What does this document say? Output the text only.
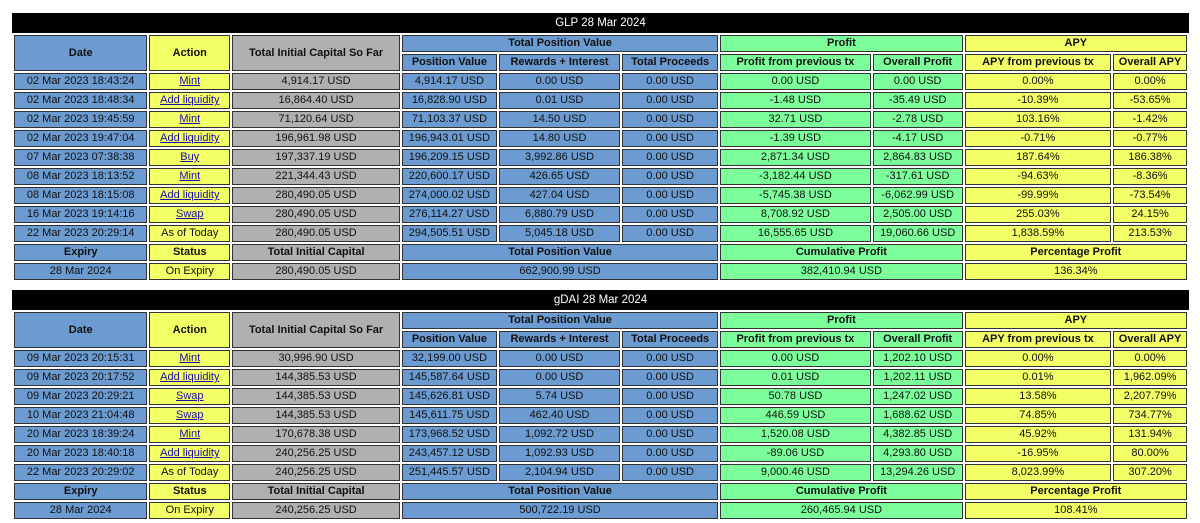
GLP 28 Mar 2024
Date	Action	Total Initial Capital So Far	Total Position Value			Profit		APY	
			Position Value	Rewards + Interest	Total Proceeds	Profit from previous tx	Overall Profit	APY from previous tx	Overall APY
02 Mar 2023 18:43:24	Mint	4,914.17 USD	4,914.17 USD	0.00 USD	0.00 USD	0.00 USD	0.00 USD	0.00%	0.00%
02 Mar 2023 18:48:34	Add liquidity	16,864.40 USD	16,828.90 USD	0.01 USD	0.00 USD	-1.48 USD	-35.49 USD	-10.39%	-53.65%
02 Mar 2023 19:45:59	Mint	71,120.64 USD	71,103.37 USD	14.50 USD	0.00 USD	32.71 USD	-2.78 USD	103.16%	-1.42%
02 Mar 2023 19:47:04	Add liquidity	196,961.98 USD	196,943.01 USD	14.80 USD	0.00 USD	-1.39 USD	-4.17 USD	-0.71%	-0.77%
07 Mar 2023 07:38:38	Buy	197,337.19 USD	196,209.15 USD	3,992.86 USD	0.00 USD	2,871.34 USD	2,864.83 USD	187.64%	186.38%
08 Mar 2023 18:13:52	Mint	221,344.43 USD	220,600.17 USD	426.65 USD	0.00 USD	-3,182.44 USD	-317.61 USD	-94.63%	-8.36%
08 Mar 2023 18:15:08	Add liquidity	280,490.05 USD	274,000.02 USD	427.04 USD	0.00 USD	-5,745.38 USD	-6,062.99 USD	-99.99%	-73.54%
16 Mar 2023 19:14:16	Swap	280,490.05 USD	276,114.27 USD	6,880.79 USD	0.00 USD	8,708.92 USD	2,505.00 USD	255.03%	24.15%
22 Mar 2023 20:29:14	As of Today	280,490.05 USD	294,505.51 USD	5,045.18 USD	0.00 USD	16,555.65 USD	19,060.66 USD	1,838.59%	213.53%
Expiry	Status	Total Initial Capital	Total Position Value			Cumulative Profit		Percentage Profit	
28 Mar 2024	On Expiry	280,490.05 USD	662,900.99 USD			382,410.94 USD		136.34%	
gDAI 28 Mar 2024
Date	Action	Total Initial Capital So Far	Total Position Value			Profit		APY	
			Position Value	Rewards + Interest	Total Proceeds	Profit from previous tx	Overall Profit	APY from previous tx	Overall APY
09 Mar 2023 20:15:31	Mint	30,996.90 USD	32,199.00 USD	0.00 USD	0.00 USD	0.00 USD	1,202.10 USD	0.00%	0.00%
09 Mar 2023 20:17:52	Add liquidity	144,385.53 USD	145,587.64 USD	0.00 USD	0.00 USD	0.01 USD	1,202.11 USD	0.01%	1,962.09%
09 Mar 2023 20:29:21	Swap	144,385.53 USD	145,626.81 USD	5.74 USD	0.00 USD	50.78 USD	1,247.02 USD	13.58%	2,207.79%
10 Mar 2023 21:04:48	Swap	144,385.53 USD	145,611.75 USD	462.40 USD	0.00 USD	446.59 USD	1,688.62 USD	74.85%	734.77%
20 Mar 2023 18:39:24	Mint	170,678.38 USD	173,968.52 USD	1,092.72 USD	0.00 USD	1,520.08 USD	4,382.85 USD	45.92%	131.94%
20 Mar 2023 18:40:18	Add liquidity	240,256.25 USD	243,457.12 USD	1,092.93 USD	0.00 USD	-89.06 USD	4,293.80 USD	-16.95%	80.00%
22 Mar 2023 20:29:02	As of Today	240,256.25 USD	251,445.57 USD	2,104.94 USD	0.00 USD	9,000.46 USD	13,294.26 USD	8,023.99%	307.20%
Expiry	Status	Total Initial Capital	Total Position Value			Cumulative Profit		Percentage Profit	
28 Mar 2024	On Expiry	240,256.25 USD	500,722.19 USD			260,465.94 USD		108.41%	
